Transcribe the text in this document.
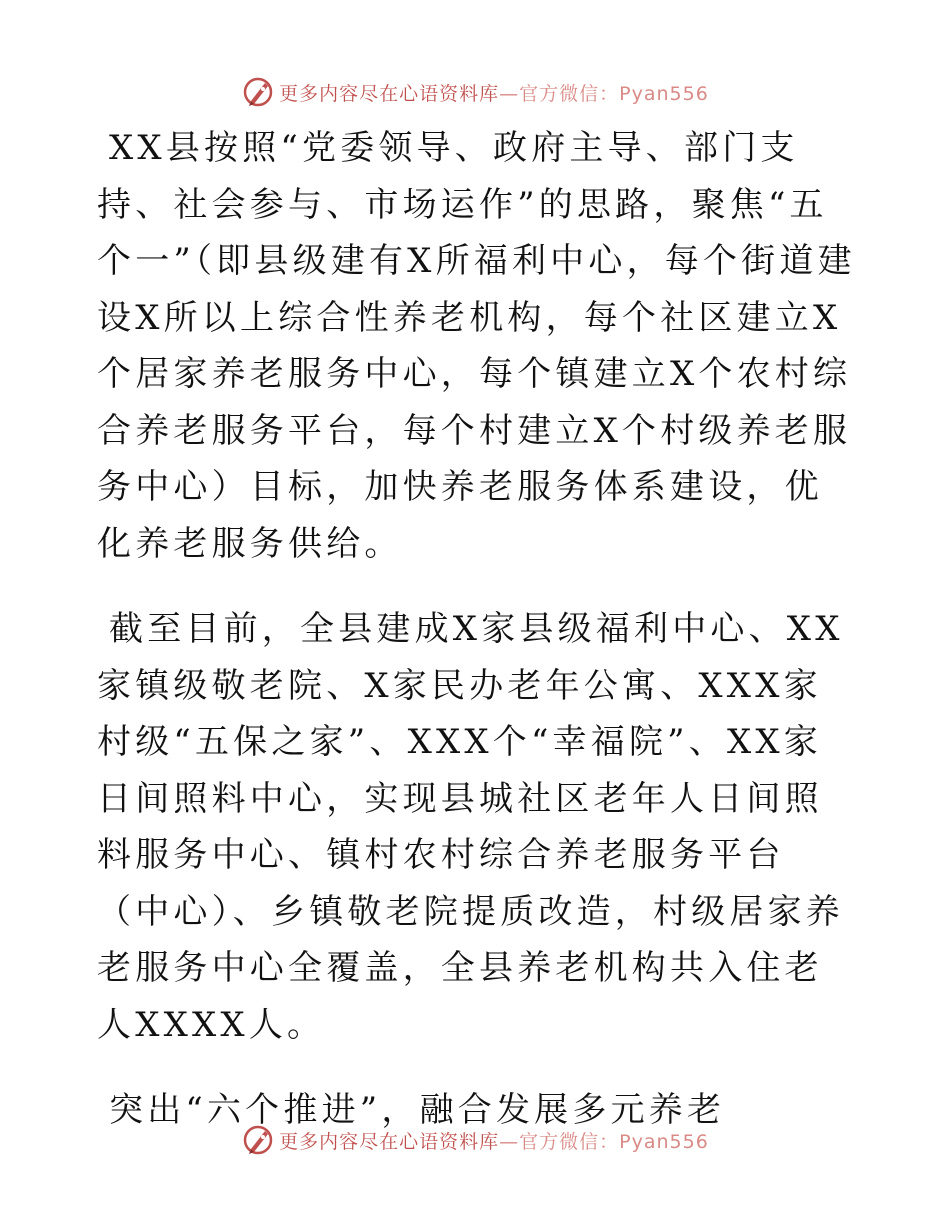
更多内容尽在心语资料库—官方微信：Pyan556

XX县按照“党委领导、政府主导、部门支持、社会参与、市场运作”的思路，聚焦“五个一”（即县级建有X所福利中心，每个街道建设X所以上综合性养老机构，每个社区建立X个居家养老服务中心，每个镇建立X个农村综合养老服务平台，每个村建立X个村级养老服务中心）目标，加快养老服务体系建设，优化养老服务供给。

截至目前，全县建成X家县级福利中心、XX家镇级敬老院、X家民办老年公寓、XXX家村级“五保之家”、XXX个“幸福院”、XX家日间照料中心，实现县城社区老年人日间照料服务中心、镇村农村综合养老服务平台（中心）、乡镇敬老院提质改造，村级居家养老服务中心全覆盖，全县养老机构共入住老人XXXX人。

突出“六个推进”，融合发展多元养老

更多内容尽在心语资料库—官方微信：Pyan556
